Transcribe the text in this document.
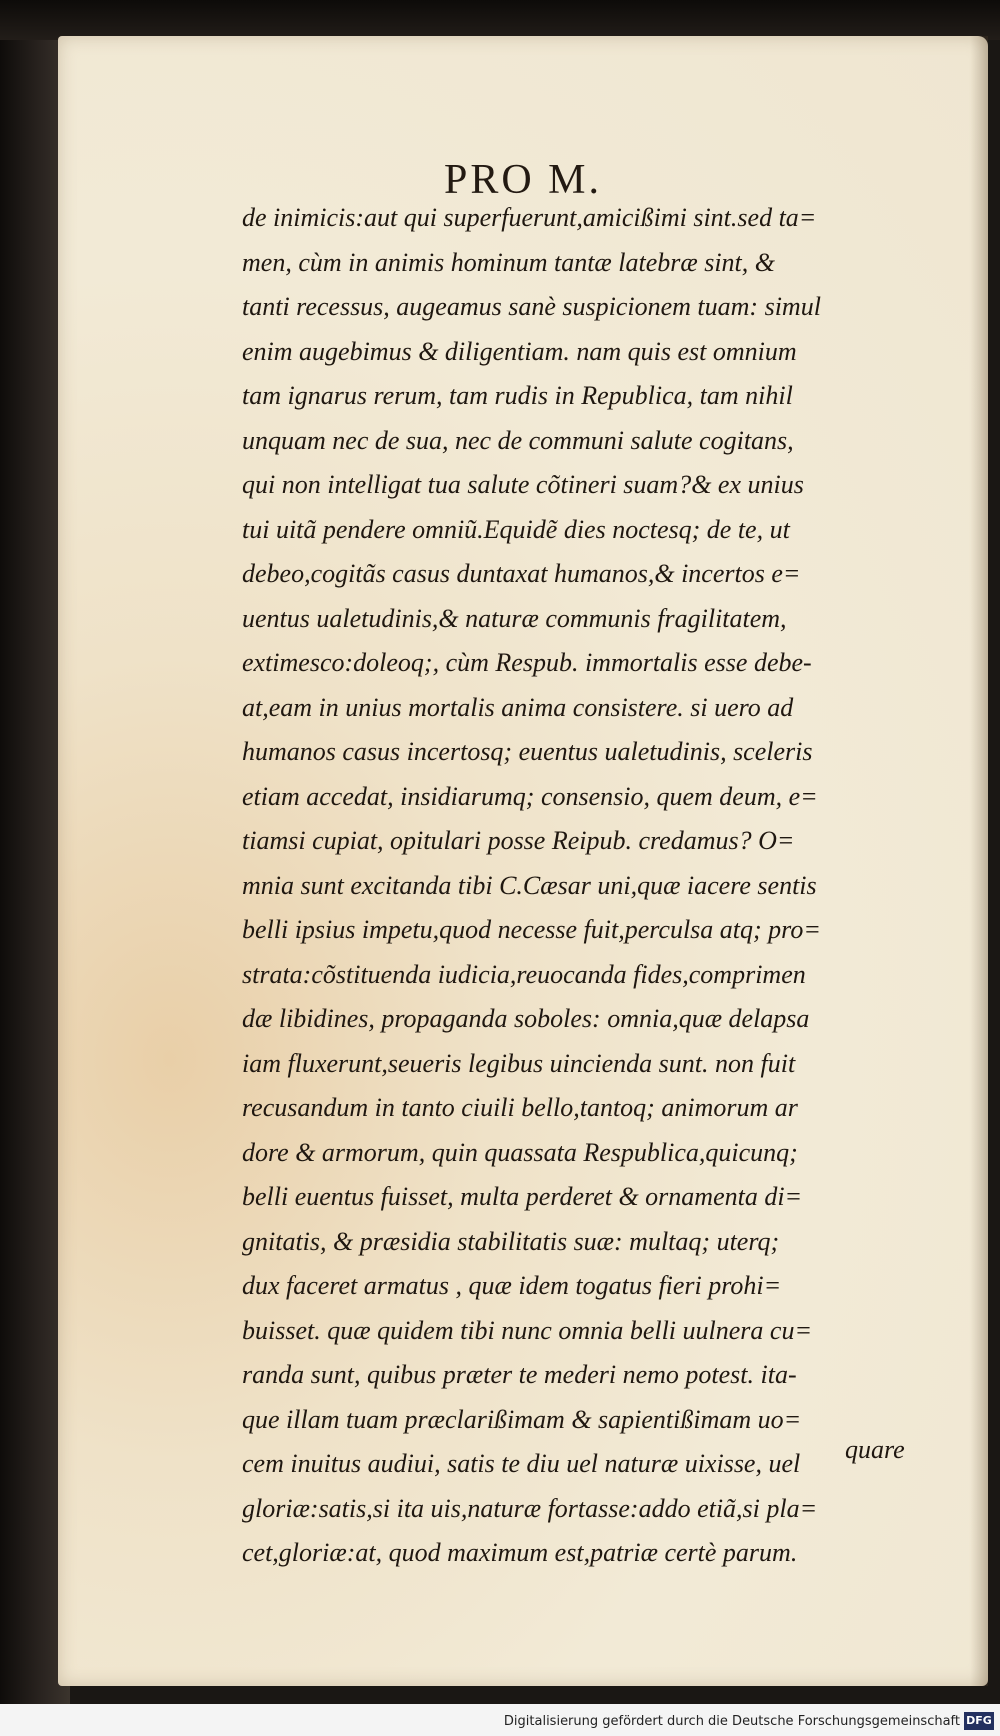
PRO M.
de inimicis:aut qui superfuerunt,amicißimi sint.sed ta=
men, cùm in animis hominum tantæ latebræ sint, &
tanti recessus, augeamus sanè suspicionem tuam: simul
enim augebimus & diligentiam. nam quis est omnium
tam ignarus rerum, tam rudis in Republica, tam nihil
unquam nec de sua, nec de communi salute cogitans,
qui non intelligat tua salute cõtineri suam?& ex unius
tui uitã pendere omniũ.Equidẽ dies noctesq; de te, ut
debeo,cogitãs casus duntaxat humanos,& incertos e=
uentus ualetudinis,& naturæ communis fragilitatem,
extimesco:doleoq;, cùm Respub. immortalis esse debe-
at,eam in unius mortalis anima consistere. si uero ad
humanos casus incertosq; euentus ualetudinis, sceleris
etiam accedat, insidiarumq; consensio, quem deum, e=
tiamsi cupiat, opitulari posse Reipub. credamus? O=
mnia sunt excitanda tibi C.Cæsar uni,quæ iacere sentis
belli ipsius impetu,quod necesse fuit,perculsa atq; pro=
strata:cõstituenda iudicia,reuocanda fides,comprimen
dæ libidines, propaganda soboles: omnia,quæ delapsa
iam fluxerunt,seueris legibus uincienda sunt. non fuit
recusandum in tanto ciuili bello,tantoq; animorum ar
dore & armorum, quin quassata Respublica,quicunq;
belli euentus fuisset, multa perderet & ornamenta di=
gnitatis, & præsidia stabilitatis suæ: multaq; uterq;
dux faceret armatus , quæ idem togatus fieri prohi=
buisset. quæ quidem tibi nunc omnia belli uulnera cu=
randa sunt, quibus præter te mederi nemo potest. ita-
que illam tuam præclarißimam & sapientißimam uo=
cem inuitus audiui, satis te diu uel naturæ uixisse, uel
gloriæ:satis,si ita uis,naturæ fortasse:addo etiã,si pla=
cet,gloriæ:at, quod maximum est,patriæ certè parum.
quare
Digitalisierung gefördert durch die Deutsche Forschungsgemeinschaft DFG
